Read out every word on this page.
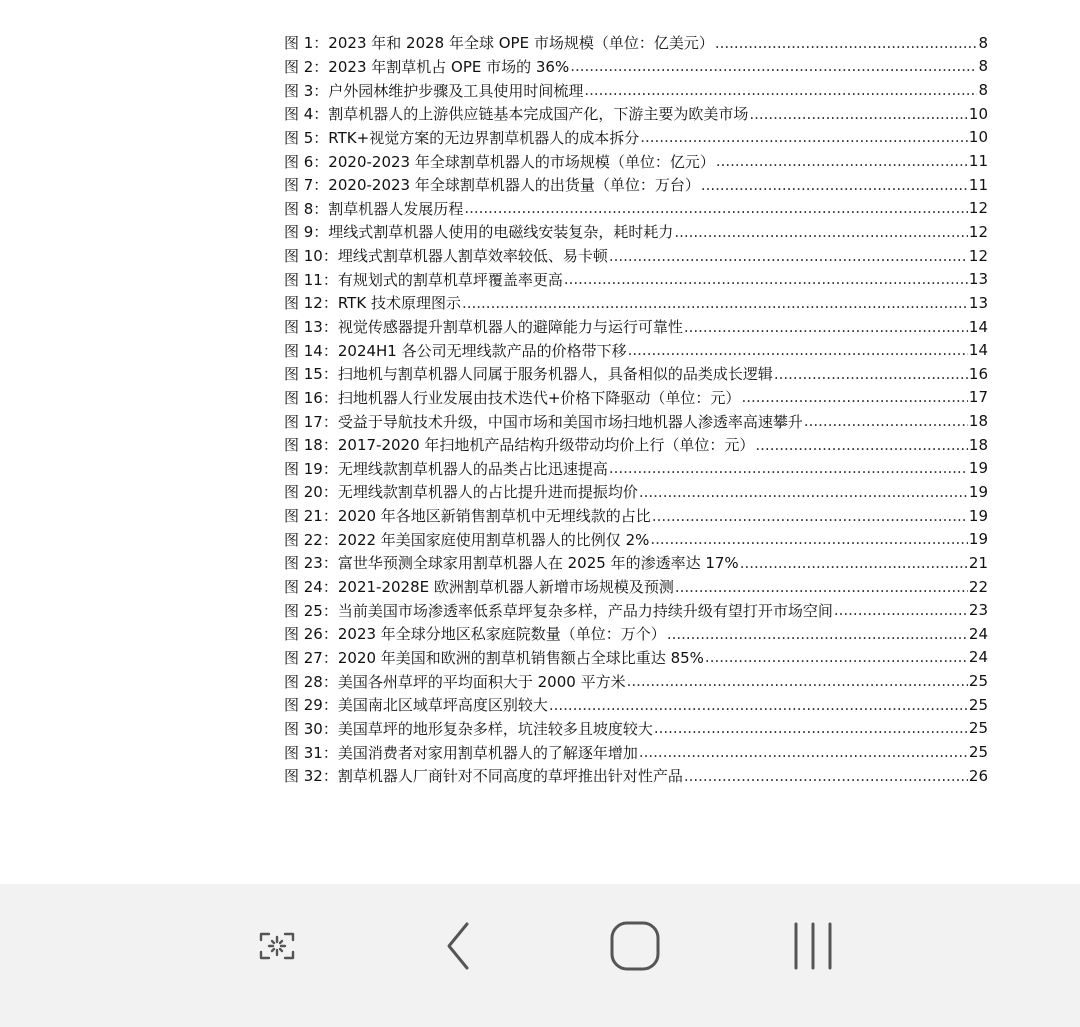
图 1：2023 年和 2028 年全球 OPE 市场规模（单位：亿美元） .....	8
图 2：2023 年割草机占 OPE 市场的 36% .....	8
图 3：户外园林维护步骤及工具使用时间梳理 .....	8
图 4：割草机器人的上游供应链基本完成国产化，下游主要为欧美市场 .....	10
图 5：RTK+视觉方案的无边界割草机器人的成本拆分 .....	10
图 6：2020-2023 年全球割草机器人的市场规模（单位：亿元） .....	11
图 7：2020-2023 年全球割草机器人的出货量（单位：万台） .....	11
图 8：割草机器人发展历程 .....	12
图 9：埋线式割草机器人使用的电磁线安装复杂，耗时耗力 .....	12
图 10：埋线式割草机器人割草效率较低、易卡顿 .....	12
图 11：有规划式的割草机草坪覆盖率更高 .....	13
图 12：RTK 技术原理图示 .....	13
图 13：视觉传感器提升割草机器人的避障能力与运行可靠性 .....	14
图 14：2024H1 各公司无埋线款产品的价格带下移 .....	14
图 15：扫地机与割草机器人同属于服务机器人，具备相似的品类成长逻辑 .....	16
图 16：扫地机器人行业发展由技术迭代+价格下降驱动（单位：元） .....	17
图 17：受益于导航技术升级，中国市场和美国市场扫地机器人渗透率高速攀升 .....	18
图 18：2017-2020 年扫地机产品结构升级带动均价上行（单位：元） .....	18
图 19：无埋线款割草机器人的品类占比迅速提高 .....	19
图 20：无埋线款割草机器人的占比提升进而提振均价 .....	19
图 21：2020 年各地区新销售割草机中无埋线款的占比 .....	19
图 22：2022 年美国家庭使用割草机器人的比例仅 2% .....	19
图 23：富世华预测全球家用割草机器人在 2025 年的渗透率达 17% .....	21
图 24：2021-2028E 欧洲割草机器人新增市场规模及预测 .....	22
图 25：当前美国市场渗透率低系草坪复杂多样，产品力持续升级有望打开市场空间 .....	23
图 26：2023 年全球分地区私家庭院数量（单位：万个） .....	24
图 27：2020 年美国和欧洲的割草机销售额占全球比重达 85% .....	24
图 28：美国各州草坪的平均面积大于 2000 平方米 .....	25
图 29：美国南北区域草坪高度区别较大 .....	25
图 30：美国草坪的地形复杂多样，坑洼较多且坡度较大 .....	25
图 31：美国消费者对家用割草机器人的了解逐年增加 .....	25
图 32：割草机器人厂商针对不同高度的草坪推出针对性产品 .....	26
